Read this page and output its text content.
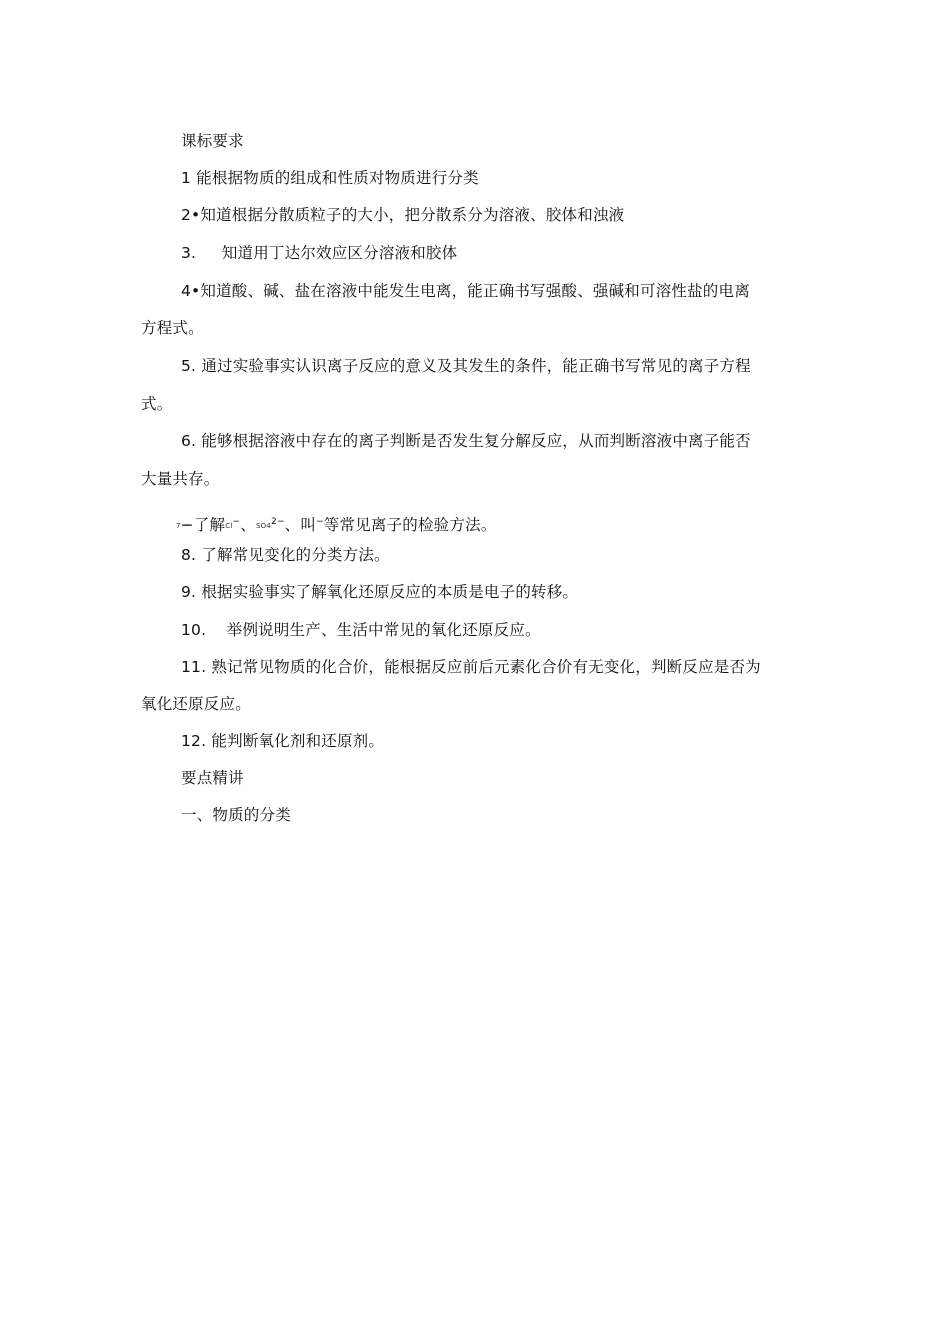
课标要求
1 能根据物质的组成和性质对物质进行分类
2•知道根据分散质粒子的大小，把分散系分为溶液、胶体和浊液
3.     知道用丁达尔效应区分溶液和胶体
4•知道酸、碱、盐在溶液中能发生电离，能正确书写强酸、强碱和可溶性盐的电离
方程式。
5. 通过实验事实认识离子反应的意义及其发生的条件，能正确书写常见的离子方程
式。
6. 能够根据溶液中存在的离子判断是否发生复分解反应，从而判断溶液中离子能否
大量共存。
7−了解Cl−、$SO4^{2-}$、叫−等常见离子的检验方法。
8. 了解常见变化的分类方法。
9. 根据实验事实了解氧化还原反应的本质是电子的转移。
10.    举例说明生产、生活中常见的氧化还原反应。
11. 熟记常见物质的化合价，能根据反应前后元素化合价有无变化，判断反应是否为
氧化还原反应。
12. 能判断氧化剂和还原剂。
要点精讲
一、物质的分类
